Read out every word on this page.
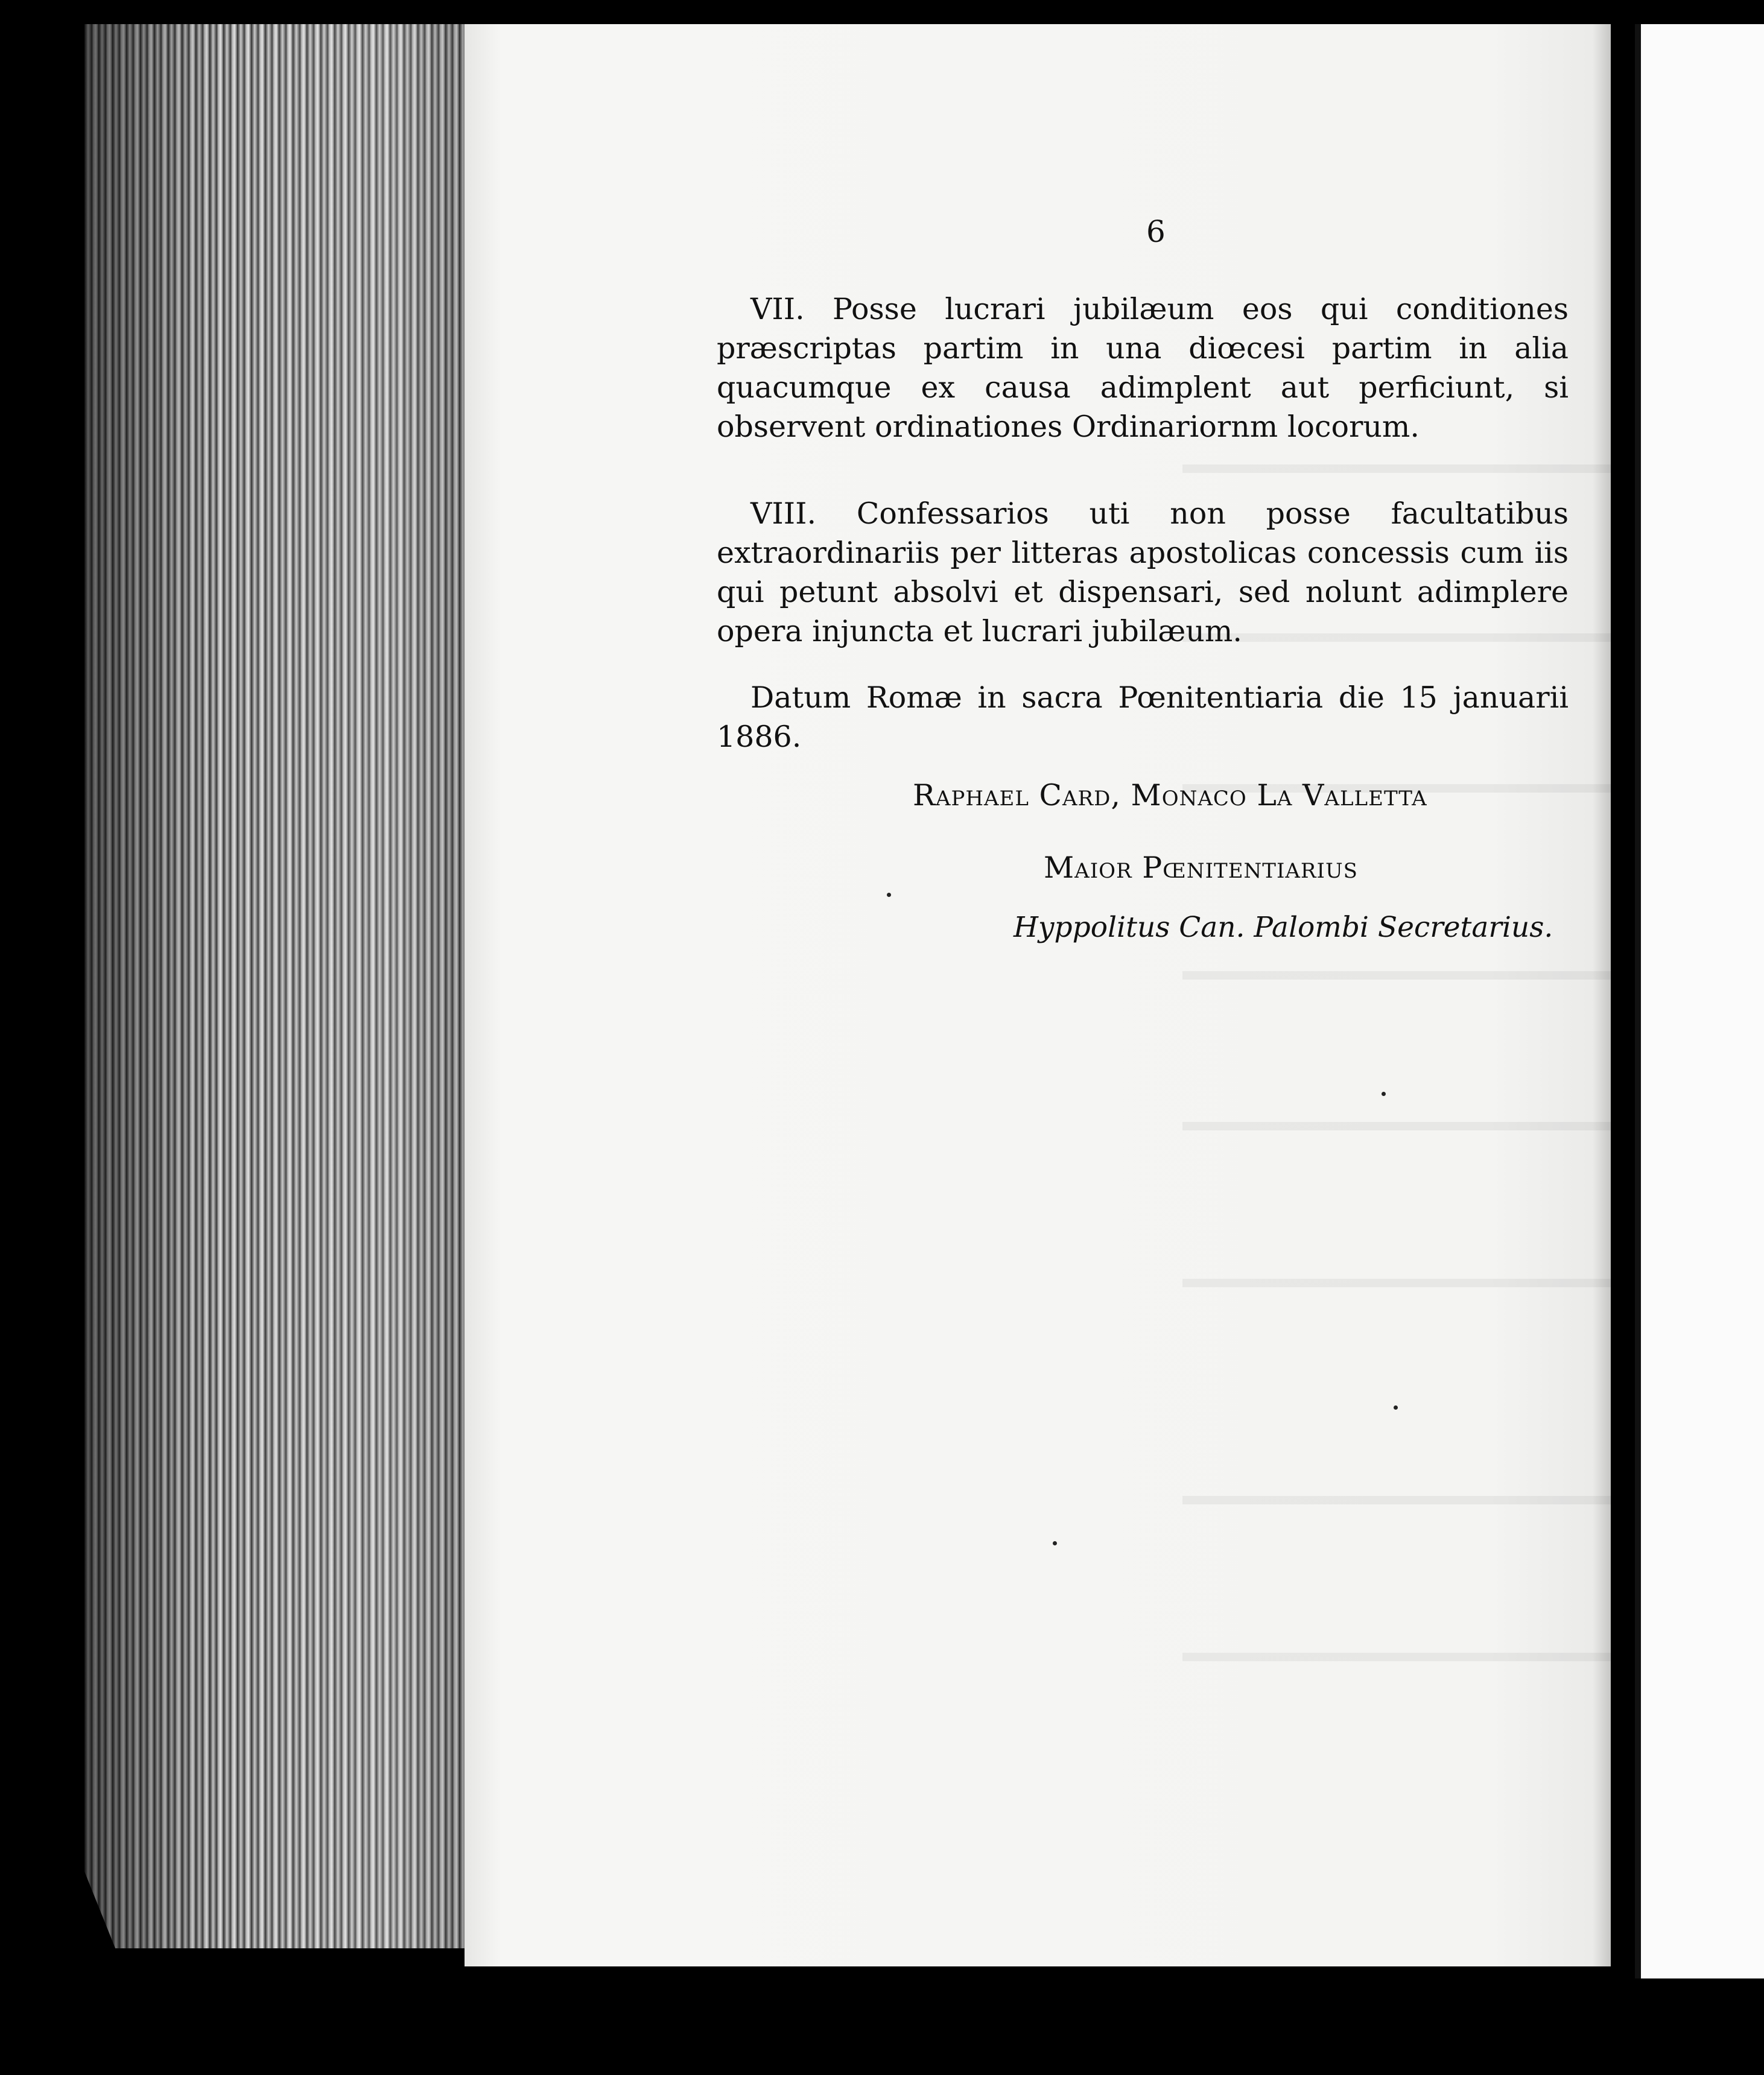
6

VII. Posse lucrari jubilæum eos qui conditiones præscriptas partim in una diœcesi partim in alia quacumque ex causa adimplent aut perficiunt, si observent ordinationes Ordinariornm locorum.

VIII. Confessarios uti non posse facultatibus extraordinariis per litteras apostolicas concessis cum iis qui petunt absolvi et dispensari, sed nolunt adimplere opera injuncta et lucrari jubilæum.

Datum Romæ in sacra Pœnitentiaria die 15 januarii 1886.

Raphael Card, Monaco La Valletta
Maior Pœnitentiarius
Hyppolitus Can. Palombi Secretarius.
